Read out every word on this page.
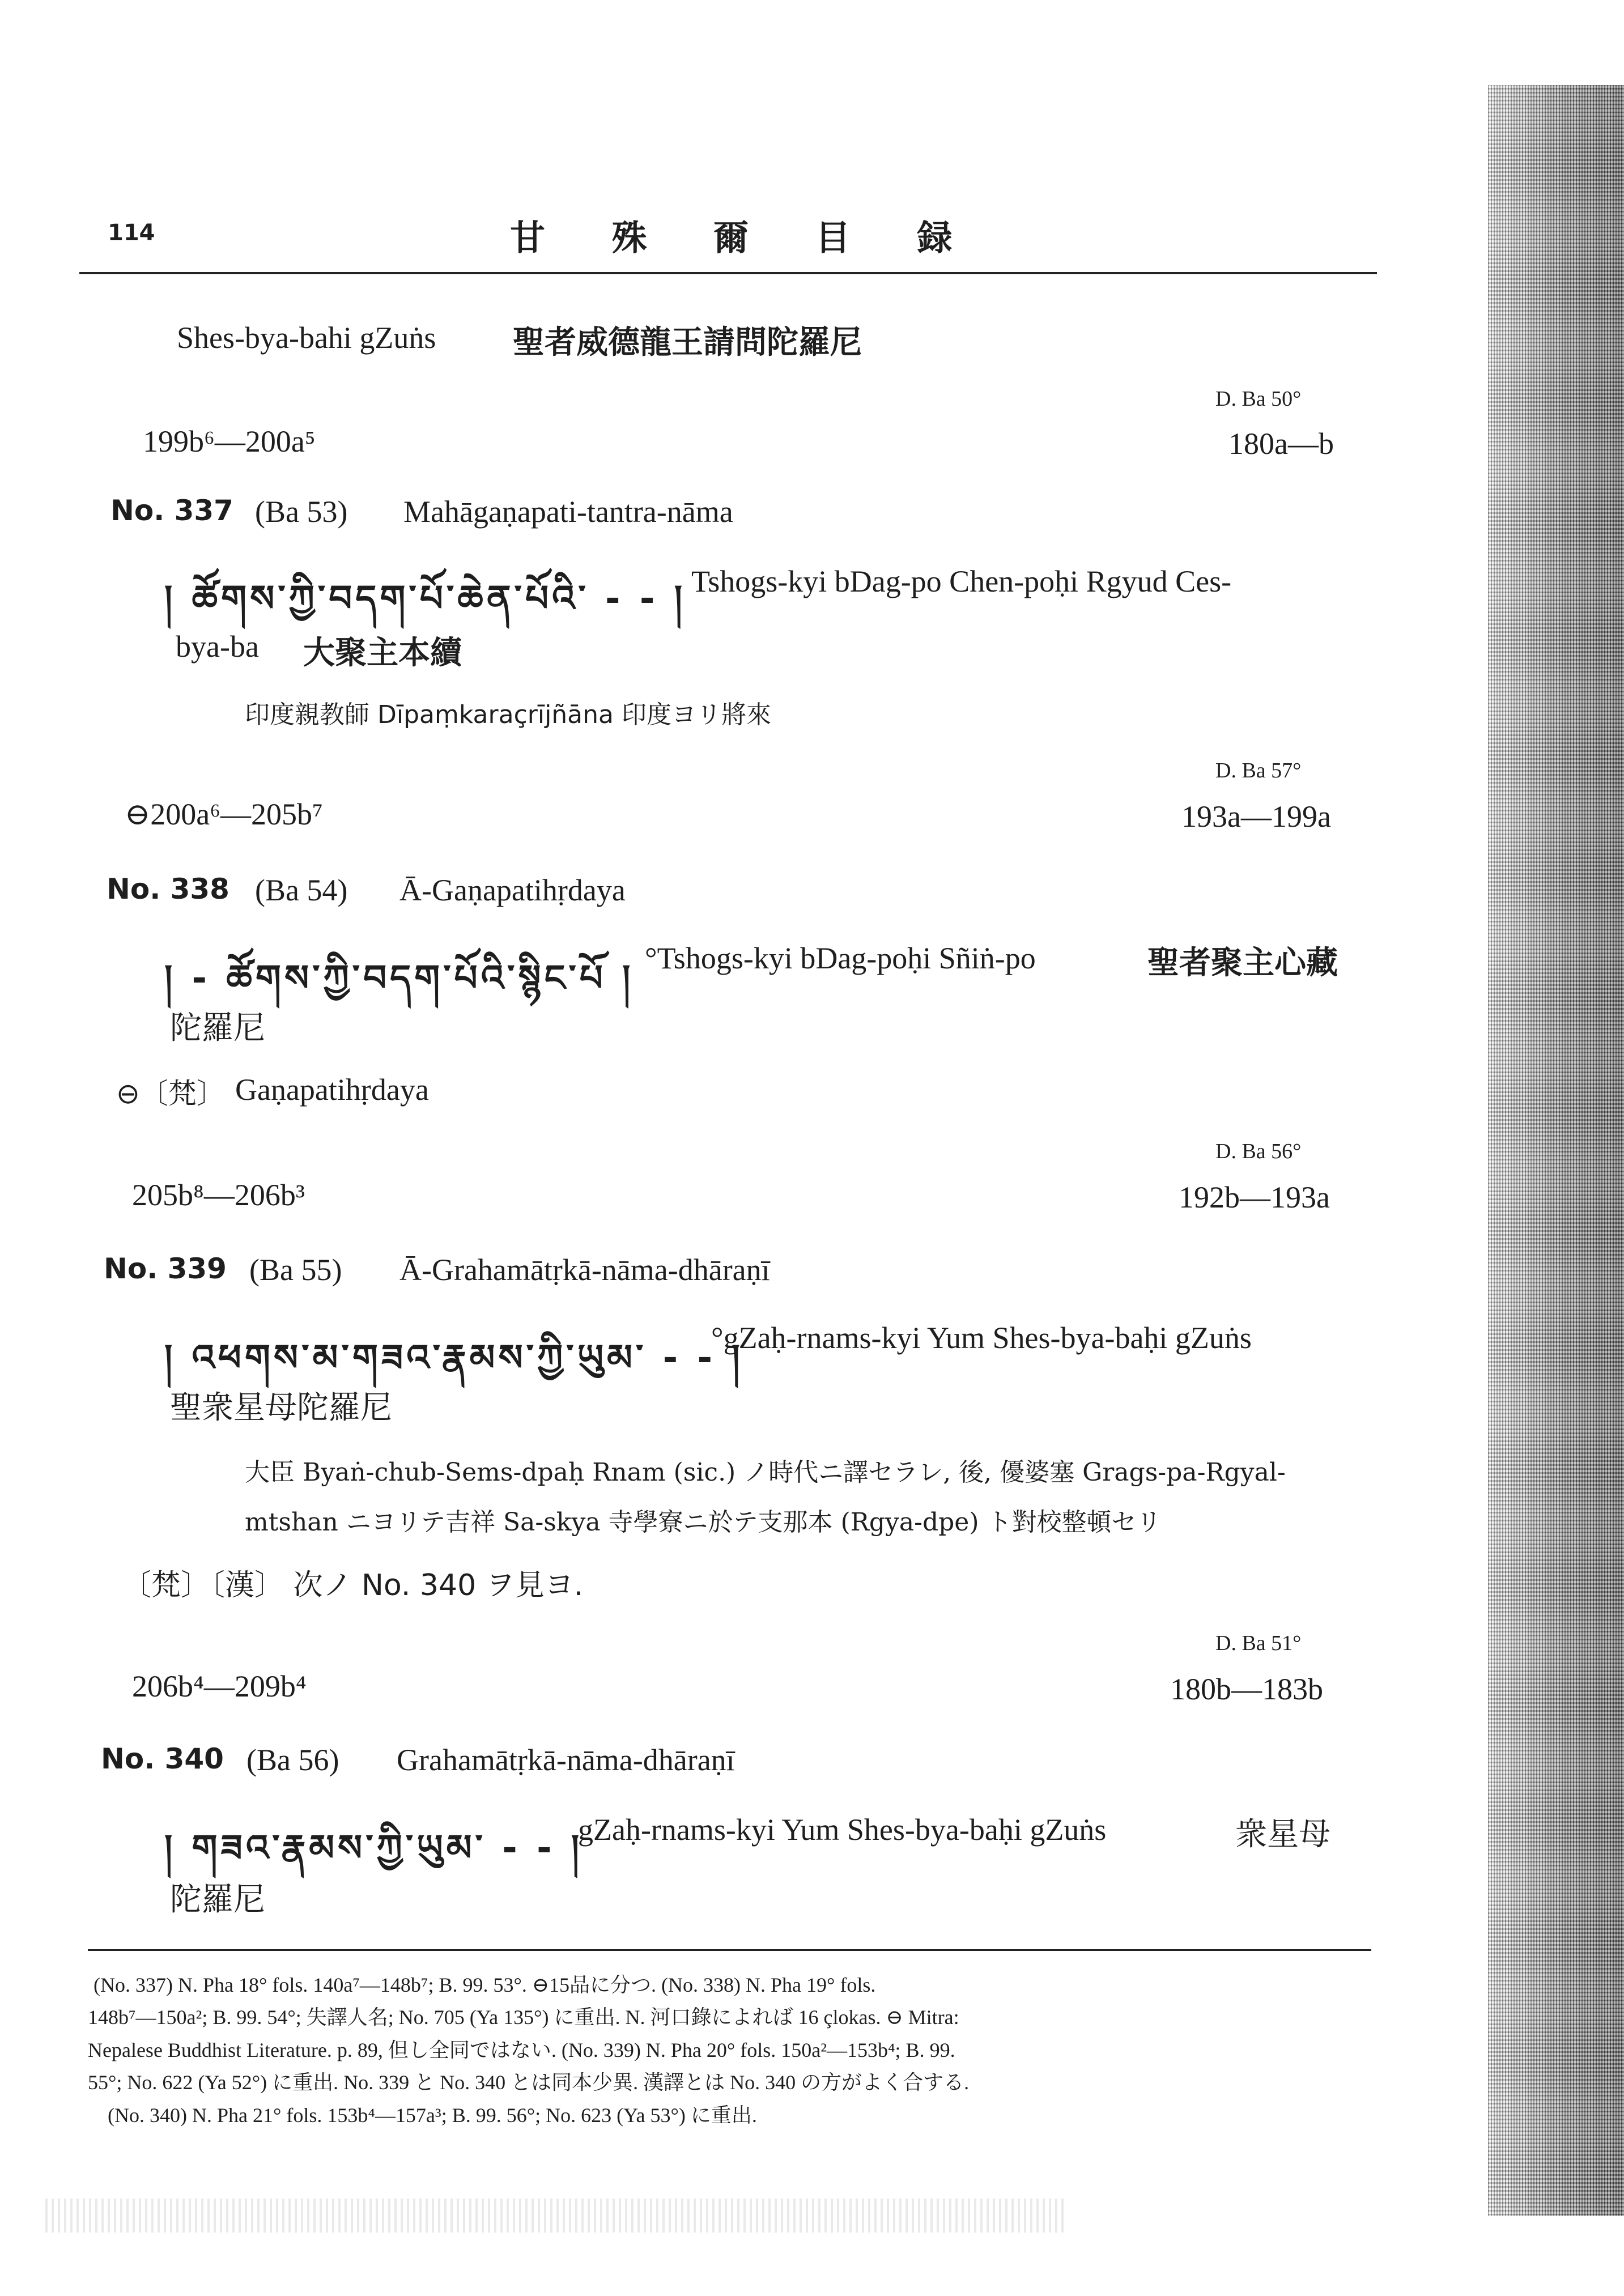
114	甘 殊 爾 目 録
Shes-bya-bahi gZuṅs 聖者威德龍王請問陀羅尼
D. Ba 50°
199b⁶—200a⁵	180a—b
No. 337 (Ba 53) Mahāgaṇapati-tantra-nāma
། ཚོགས་ཀྱི་བདག་པོ་ཆེན་པོའི་ - - ། Tshogs-kyi bDag-po Chen-poḥi Rgyud Ces-
bya-ba 大聚主本續
印度親教師 Dīpaṃkaraçrījñāna 印度ヨリ將來
D. Ba 57°
⊖200a⁶—205b⁷	193a—199a
No. 338 (Ba 54) Ā-Gaṇapatihṛdaya
། - ཚོགས་ཀྱི་བདག་པོའི་སྙིང་པོ ། °Tshogs-kyi bDag-poḥi Sñiṅ-po	聖者聚主心藏
陀羅尼
⊖〔梵〕 Gaṇapatihṛdaya
D. Ba 56°
205b⁸—206b³	192b—193a
No. 339 (Ba 55) Ā-Grahamātṛkā-nāma-dhāraṇī
། འཕགས་མ་གཟའ་རྣམས་ཀྱི་ཡུམ་ - - །
°gZaḥ-rnams-kyi Yum Shes-bya-baḥi gZuṅs
聖衆星母陀羅尼
大臣 Byaṅ-chub-Sems-dpaḥ Rnam (sic.) ノ時代ニ譯セラレ, 後, 優婆塞 Grags-pa-Rgyal-
mtshan ニヨリテ吉祥 Sa-skya 寺學寮ニ於テ支那本 (Rgya-dpe) ト對校整頓セリ
〔梵〕〔漢〕 次ノ No. 340 ヲ見ヨ.
D. Ba 51°
206b⁴—209b⁴	180b—183b
No. 340 (Ba 56) Grahamātṛkā-nāma-dhāraṇī
། གཟའ་རྣམས་ཀྱི་ཡུམ་ - - །
gZaḥ-rnams-kyi Yum Shes-bya-baḥi gZuṅs	衆星母
陀羅尼
(No. 337) N. Pha 18° fols. 140a⁷—148b⁷; B. 99. 53°. ⊖15品に分つ. (No. 338) N. Pha 19° fols.
148b⁷—150a²; B. 99. 54°; 失譯人名; No. 705 (Ya 135°) に重出. N. 河口錄によれば 16 çlokas. ⊖ Mitra:
Nepalese Buddhist Literature. p. 89, 但し全同ではない. (No. 339) N. Pha 20° fols. 150a²—153b⁴; B. 99.
55°; No. 622 (Ya 52°) に重出. No. 339 と No. 340 とは同本少異. 漢譯とは No. 340 の方がよく合する.
(No. 340) N. Pha 21° fols. 153b⁴—157a³; B. 99. 56°; No. 623 (Ya 53°) に重出.
